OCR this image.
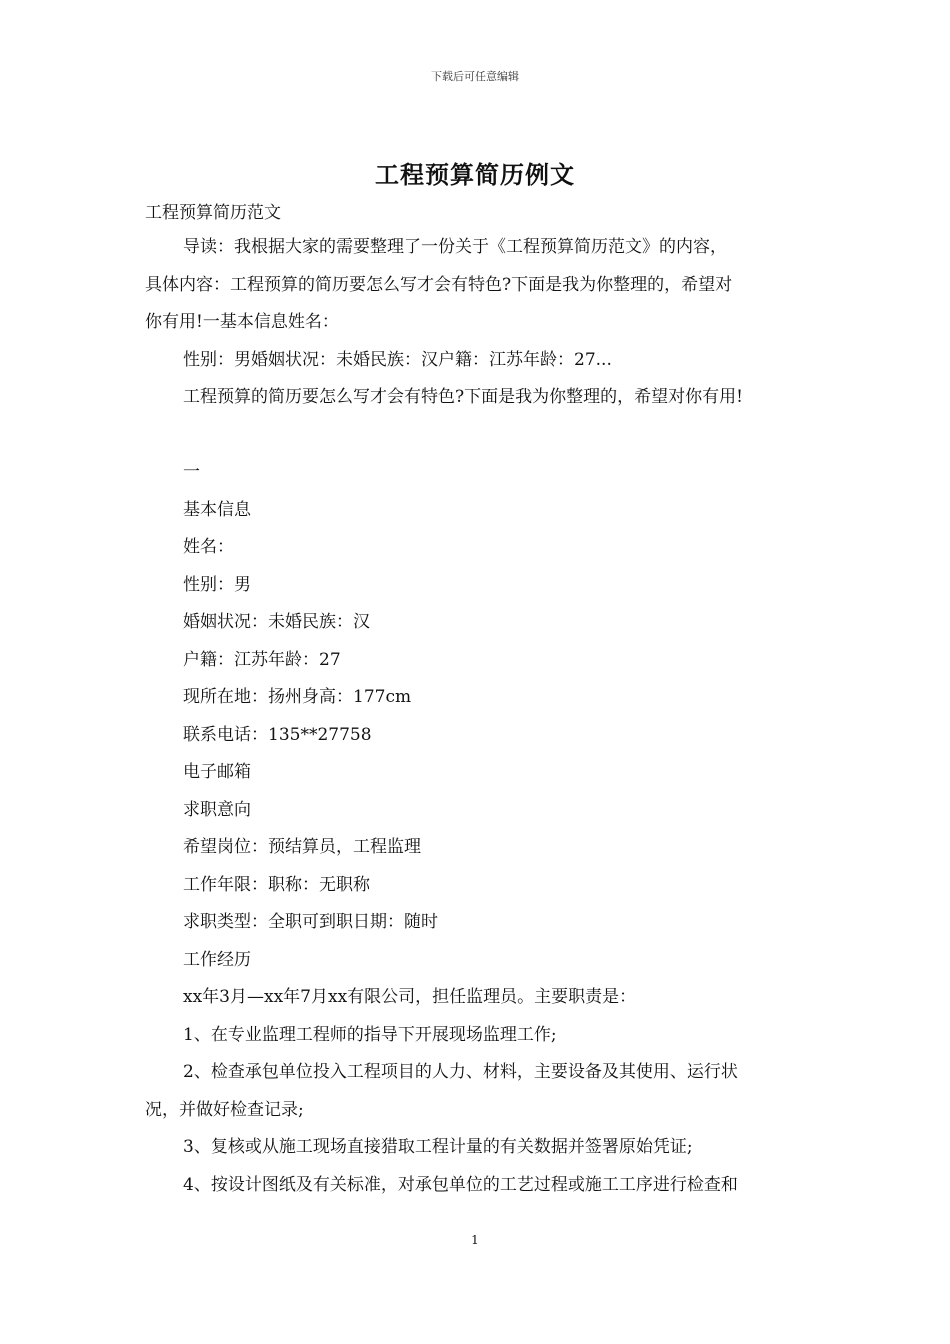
下载后可任意编辑
工程预算简历例文
工程预算简历范文
导读：我根据大家的需要整理了一份关于《工程预算简历范文》的内容，
具体内容：工程预算的简历要怎么写才会有特色?下面是我为你整理的，希望对
你有用!一基本信息姓名：
性别：男婚姻状况：未婚民族：汉户籍：江苏年龄：27...
工程预算的简历要怎么写才会有特色?下面是我为你整理的，希望对你有用!
一
基本信息
姓名：
性别：男
婚姻状况：未婚民族：汉
户籍：江苏年龄：27
现所在地：扬州身高：177cm
联系电话：135**27758
电子邮箱
求职意向
希望岗位：预结算员，工程监理
工作年限：职称：无职称
求职类型：全职可到职日期：随时
工作经历
xx年3月—xx年7月xx有限公司，担任监理员。主要职责是：
1、在专业监理工程师的指导下开展现场监理工作;
2、检查承包单位投入工程项目的人力、材料，主要设备及其使用、运行状
况，并做好检查记录;
3、复核或从施工现场直接猎取工程计量的有关数据并签署原始凭证;
4、按设计图纸及有关标准，对承包单位的工艺过程或施工工序进行检查和
1
